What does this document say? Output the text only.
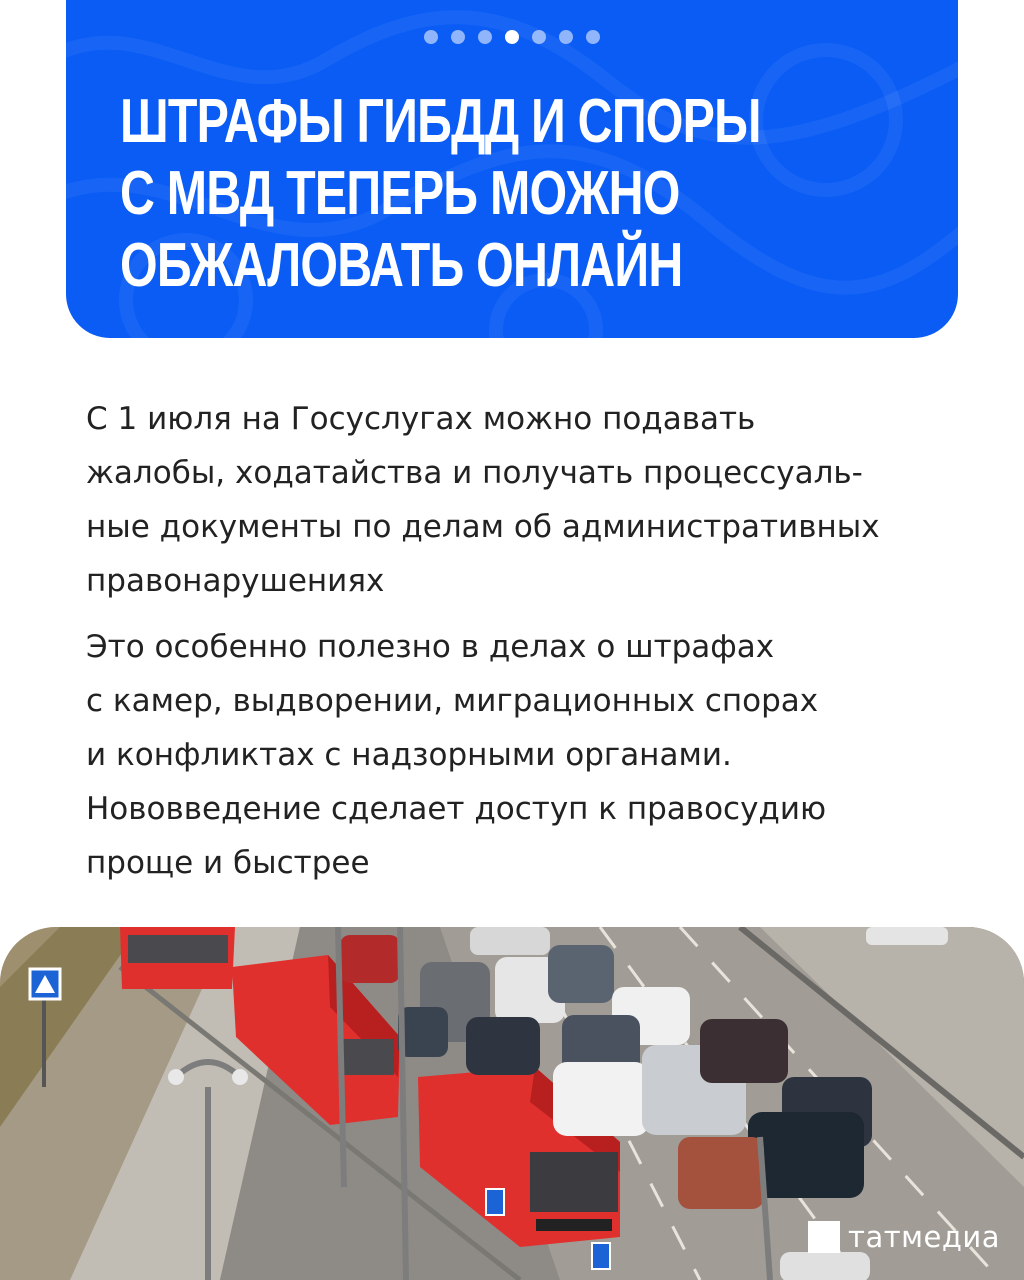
ШТРАФЫ ГИБДД И СПОРЫ
С МВД ТЕПЕРЬ МОЖНО
ОБЖАЛОВАТЬ ОНЛАЙН
С 1 июля на Госуслугах можно подавать
жалобы, ходатайства и получать процессуаль-
ные документы по делам об административных
правонарушениях
Это особенно полезно в делах о штрафах
с камер, выдворении, миграционных спорах
и конфликтах с надзорными органами.
Нововведение сделает доступ к правосудию
проще и быстрее
татмедиа
